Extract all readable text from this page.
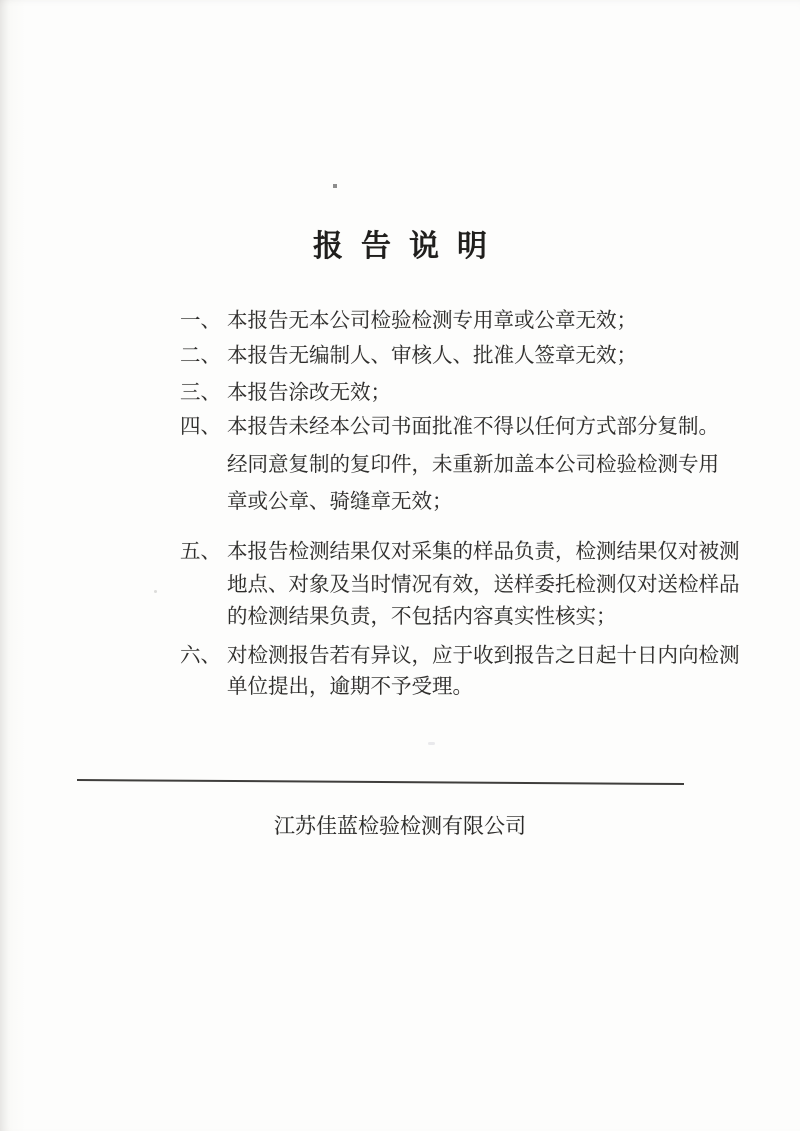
报告说明
一、 本报告无本公司检验检测专用章或公章无效；
二、 本报告无编制人、审核人、批准人签章无效；
三、 本报告涂改无效；
四、 本报告未经本公司书面批准不得以任何方式部分复制。
经同意复制的复印件，未重新加盖本公司检验检测专用
章或公章、骑缝章无效；
五、 本报告检测结果仅对采集的样品负责，检测结果仅对被测
地点、对象及当时情况有效，送样委托检测仅对送检样品
的检测结果负责，不包括内容真实性核实；
六、 对检测报告若有异议，应于收到报告之日起十日内向检测
单位提出，逾期不予受理。
江苏佳蓝检验检测有限公司
